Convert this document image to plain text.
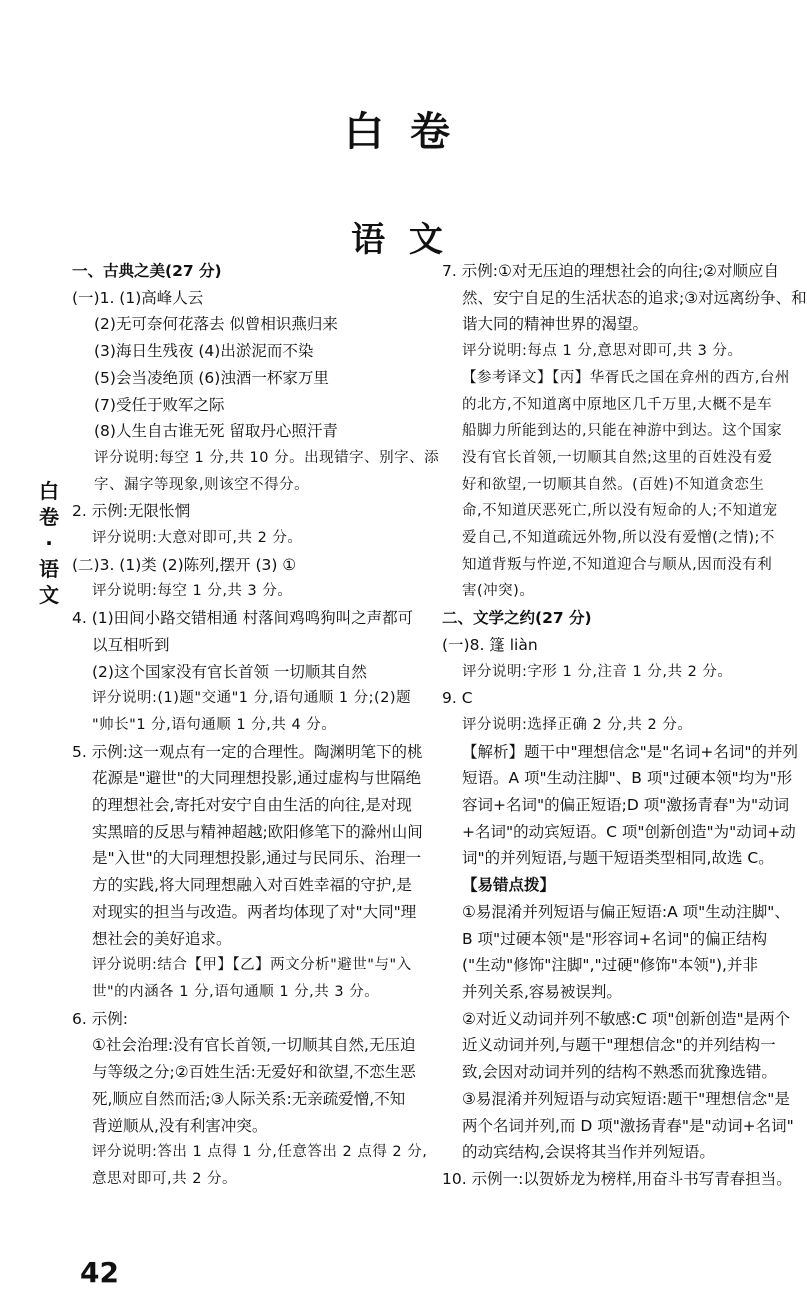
白 卷
语 文
白
卷
·
语
文
一、古典之美(27 分)
(一)1. (1)高峰人云
(2)无可奈何花落去 似曾相识燕归来
(3)海日生残夜 (4)出淤泥而不染
(5)会当凌绝顶 (6)浊酒一杯家万里
(7)受任于败军之际
(8)人生自古谁无死 留取丹心照汗青
评分说明:每空 1 分,共 10 分。出现错字、别字、添
字、漏字等现象,则该空不得分。
2. 示例:无限怅惘
评分说明:大意对即可,共 2 分。
(二)3. (1)类 (2)陈列,摆开 (3) ①
评分说明:每空 1 分,共 3 分。
4. (1)田间小路交错相通 村落间鸡鸣狗叫之声都可
以互相听到
(2)这个国家没有官长首领 一切顺其自然
评分说明:(1)题"交通"1 分,语句通顺 1 分;(2)题
"帅长"1 分,语句通顺 1 分,共 4 分。
5. 示例:这一观点有一定的合理性。陶渊明笔下的桃
花源是"避世"的大同理想投影,通过虚构与世隔绝
的理想社会,寄托对安宁自由生活的向往,是对现
实黑暗的反思与精神超越;欧阳修笔下的滁州山间
是"入世"的大同理想投影,通过与民同乐、治理一
方的实践,将大同理想融入对百姓幸福的守护,是
对现实的担当与改造。两者均体现了对"大同"理
想社会的美好追求。
评分说明:结合【甲】【乙】两文分析"避世"与"入
世"的内涵各 1 分,语句通顺 1 分,共 3 分。
6. 示例:
①社会治理:没有官长首领,一切顺其自然,无压迫
与等级之分;②百姓生活:无爱好和欲望,不恋生恶
死,顺应自然而活;③人际关系:无亲疏爱憎,不知
背逆顺从,没有利害冲突。
评分说明:答出 1 点得 1 分,任意答出 2 点得 2 分,
意思对即可,共 2 分。
7. 示例:①对无压迫的理想社会的向往;②对顺应自
然、安宁自足的生活状态的追求;③对远离纷争、和
谐大同的精神世界的渴望。
评分说明:每点 1 分,意思对即可,共 3 分。
【参考译文】【丙】华胥氏之国在弇州的西方,台州
的北方,不知道离中原地区几千万里,大概不是车
船脚力所能到达的,只能在神游中到达。这个国家
没有官长首领,一切顺其自然;这里的百姓没有爱
好和欲望,一切顺其自然。(百姓)不知道贪恋生
命,不知道厌恶死亡,所以没有短命的人;不知道宠
爱自己,不知道疏远外物,所以没有爱憎(之情);不
知道背叛与忤逆,不知道迎合与顺从,因而没有利
害(冲突)。
二、文学之约(27 分)
(一)8. 篷 liàn
评分说明:字形 1 分,注音 1 分,共 2 分。
9. C
评分说明:选择正确 2 分,共 2 分。
【解析】题干中"理想信念"是"名词+名词"的并列
短语。A 项"生动注脚"、B 项"过硬本领"均为"形
容词+名词"的偏正短语;D 项"激扬青春"为"动词
+名词"的动宾短语。C 项"创新创造"为"动词+动
词"的并列短语,与题干短语类型相同,故选 C。
【易错点拨】
①易混淆并列短语与偏正短语:A 项"生动注脚"、
B 项"过硬本领"是"形容词+名词"的偏正结构
("生动"修饰"注脚","过硬"修饰"本领"),并非
并列关系,容易被误判。
②对近义动词并列不敏感:C 项"创新创造"是两个
近义动词并列,与题干"理想信念"的并列结构一
致,会因对动词并列的结构不熟悉而犹豫选错。
③易混淆并列短语与动宾短语:题干"理想信念"是
两个名词并列,而 D 项"激扬青春"是"动词+名词"
的动宾结构,会误将其当作并列短语。
10. 示例一:以贺娇龙为榜样,用奋斗书写青春担当。
42
